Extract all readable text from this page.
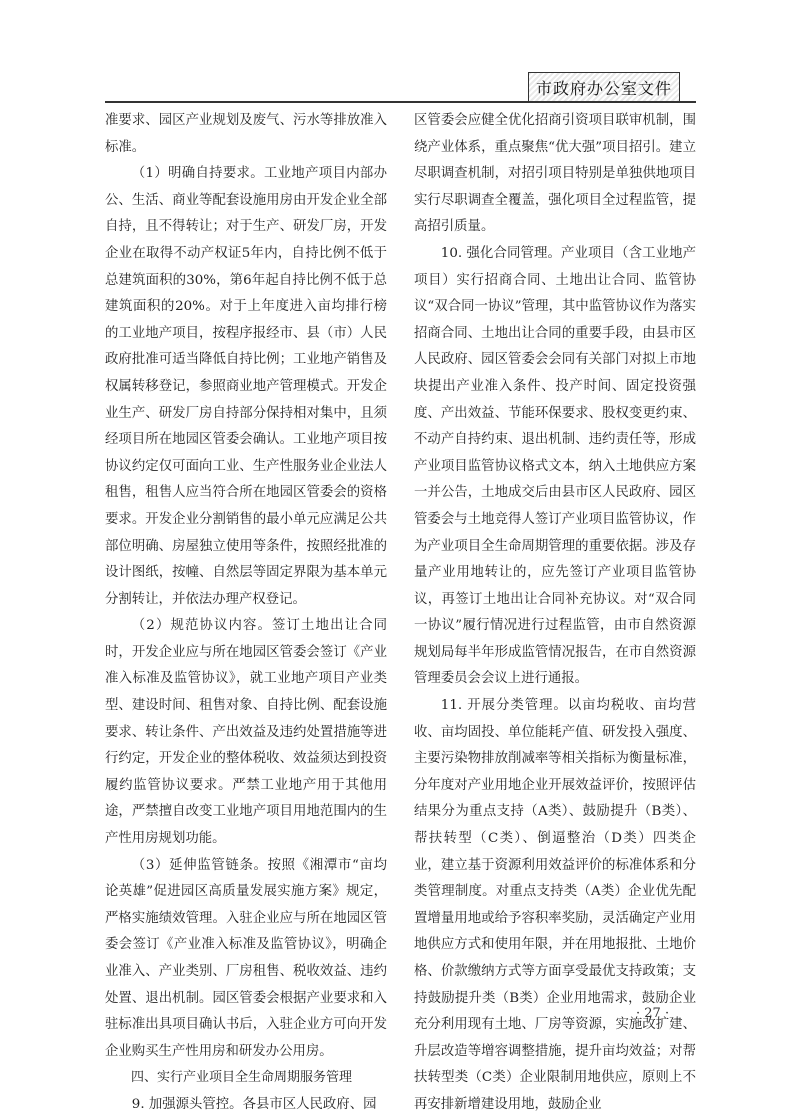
市政府办公室文件

准要求、园区产业规划及废气、污水等排放准入标准。

（1）明确自持要求。工业地产项目内部办公、生活、商业等配套设施用房由开发企业全部自持，且不得转让；对于生产、研发厂房，开发企业在取得不动产权证5年内，自持比例不低于总建筑面积的30%，第6年起自持比例不低于总建筑面积的20%。对于上年度进入亩均排行榜的工业地产项目，按程序报经市、县（市）人民政府批准可适当降低自持比例；工业地产销售及权属转移登记，参照商业地产管理模式。开发企业生产、研发厂房自持部分保持相对集中，且须经项目所在地园区管委会确认。工业地产项目按协议约定仅可面向工业、生产性服务业企业法人租售，租售人应当符合所在地园区管委会的资格要求。开发企业分割销售的最小单元应满足公共部位明确、房屋独立使用等条件，按照经批准的设计图纸，按幢、自然层等固定界限为基本单元分割转让，并依法办理产权登记。

（2）规范协议内容。签订土地出让合同时，开发企业应与所在地园区管委会签订《产业准入标准及监管协议》，就工业地产项目产业类型、建设时间、租售对象、自持比例、配套设施要求、转让条件、产出效益及违约处置措施等进行约定，开发企业的整体税收、效益须达到投资履约监管协议要求。严禁工业地产用于其他用途，严禁擅自改变工业地产项目用地范围内的生产性用房规划功能。

（3）延伸监管链条。按照《湘潭市“亩均论英雄”促进园区高质量发展实施方案》规定，严格实施绩效管理。入驻企业应与所在地园区管委会签订《产业准入标准及监管协议》，明确企业准入、产业类别、厂房租售、税收效益、违约处置、退出机制。园区管委会根据产业要求和入驻标准出具项目确认书后，入驻企业方可向开发企业购买生产性用房和研发办公用房。

四、实行产业项目全生命周期服务管理

9. 加强源头管控。各县市区人民政府、园

区管委会应健全优化招商引资项目联审机制，围绕产业体系，重点聚焦“优大强”项目招引。建立尽职调查机制，对招引项目特别是单独供地项目实行尽职调查全覆盖，强化项目全过程监管，提高招引质量。

10. 强化合同管理。产业项目（含工业地产项目）实行招商合同、土地出让合同、监管协议“双合同一协议”管理，其中监管协议作为落实招商合同、土地出让合同的重要手段，由县市区人民政府、园区管委会会同有关部门对拟上市地块提出产业准入条件、投产时间、固定投资强度、产出效益、节能环保要求、股权变更约束、不动产自持约束、退出机制、违约责任等，形成产业项目监管协议格式文本，纳入土地供应方案一并公告，土地成交后由县市区人民政府、园区管委会与土地竞得人签订产业项目监管协议，作为产业项目全生命周期管理的重要依据。涉及存量产业用地转让的，应先签订产业项目监管协议，再签订土地出让合同补充协议。对“双合同一协议”履行情况进行过程监管，由市自然资源规划局每半年形成监管情况报告，在市自然资源管理委员会会议上进行通报。

11. 开展分类管理。以亩均税收、亩均营收、亩均固投、单位能耗产值、研发投入强度、主要污染物排放削减率等相关指标为衡量标准，分年度对产业用地企业开展效益评价，按照评估结果分为重点支持（A类）、鼓励提升（B类）、帮扶转型（C类）、倒逼整治（D类）四类企业，建立基于资源利用效益评价的标准体系和分类管理制度。对重点支持类（A类）企业优先配置增量用地或给予容积率奖励，灵活确定产业用地供应方式和使用年限，并在用地报批、土地价格、价款缴纳方式等方面享受最优支持政策；支持鼓励提升类（B类）企业用地需求，鼓励企业充分利用现有土地、厂房等资源，实施改扩建、升层改造等增容调整措施，提升亩均效益；对帮扶转型类（C类）企业限制用地供应，原则上不再安排新增建设用地，鼓励企业

· 27 ·
